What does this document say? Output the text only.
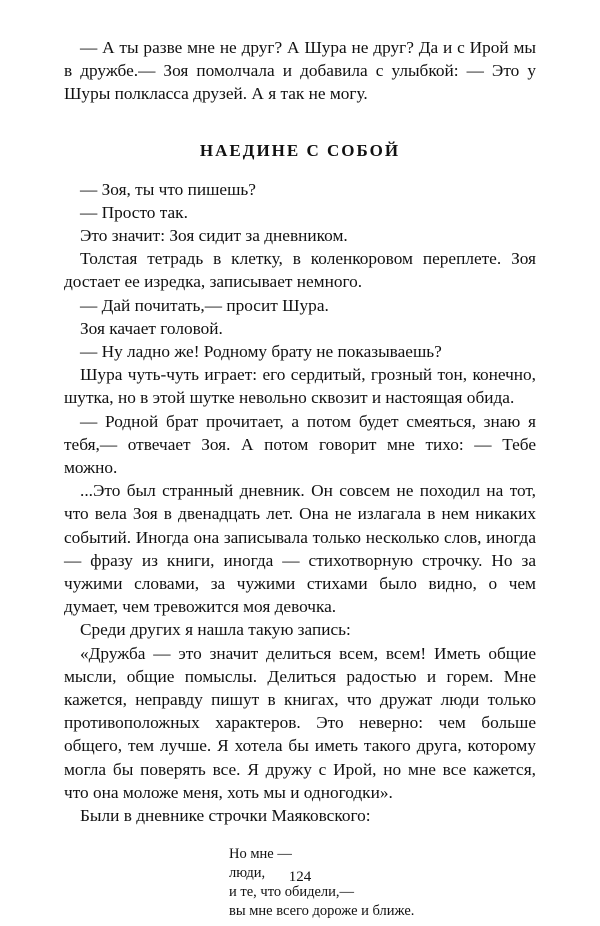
— А ты разве мне не друг? А Шура не друг? Да и с Ирой мы в дружбе.— Зоя помолчала и добавила с улыбкой: — Это у Шуры полкласса друзей. А я так не могу.

НАЕДИНЕ С СОБОЙ

— Зоя, ты что пишешь?

— Просто так.

Это значит: Зоя сидит за дневником.

Толстая тетрадь в клетку, в коленкоровом переплете. Зоя достает ее изредка, записывает немного.

— Дай почитать,— просит Шура.

Зоя качает головой.

— Ну ладно же! Родному брату не показываешь?

Шура чуть-чуть играет: его сердитый, грозный тон, конечно, шутка, но в этой шутке невольно сквозит и настоящая обида.

— Родной брат прочитает, а потом будет смеяться, знаю я тебя,— отвечает Зоя. А потом говорит мне тихо: — Тебе можно.

...Это был странный дневник. Он совсем не походил на тот, что вела Зоя в двенадцать лет. Она не излагала в нем никаких событий. Иногда она записывала только несколько слов, иногда — фразу из книги, иногда — стихотворную строчку. Но за чужими словами, за чужими стихами было видно, о чем думает, чем тревожится моя девочка.

Среди других я нашла такую запись:

«Дружба — это значит делиться всем, всем! Иметь общие мысли, общие помыслы. Делиться радостью и горем. Мне кажется, неправду пишут в книгах, что дружат люди только противоположных характеров. Это неверно: чем больше общего, тем лучше. Я хотела бы иметь такого друга, которому могла бы поверять все. Я дружу с Ирой, но мне все кажется, что она моложе меня, хоть мы и одногодки».

Были в дневнике строчки Маяковского:

Но мне —
люди,
и те, что обидели,—
вы мне всего дороже и ближе.
124
